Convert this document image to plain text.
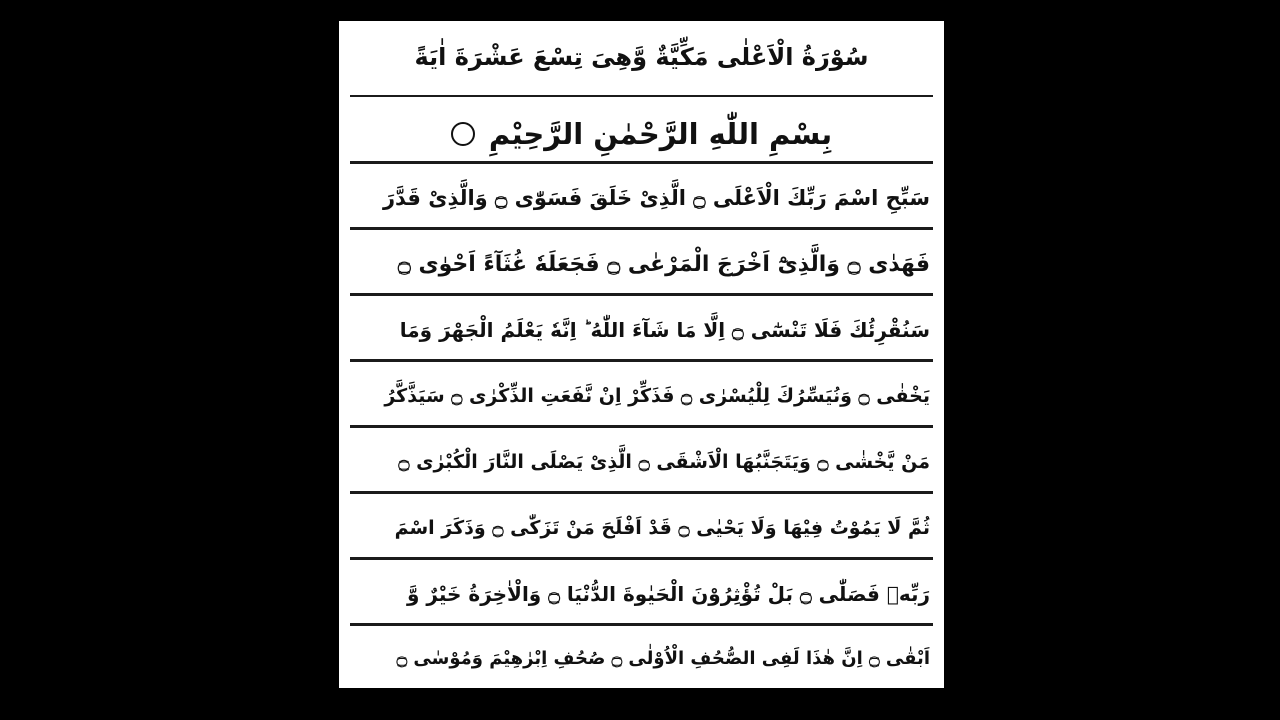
سُوْرَةُ الْاَعْلٰی مَکِّیَّةٌ وَّهِیَ تِسْعَ عَشْرَةَ اٰیَةً
بِسْمِ اللّٰهِ الرَّحْمٰنِ الرَّحِیْمِ
سَبِّحِ اسْمَ رَبِّكَ الْاَعْلَى ۝ الَّذِیْ خَلَقَ فَسَوّٰى ۝ وَالَّذِیْ قَدَّرَ
فَهَدٰى ۝ وَالَّذِیْٓ اَخْرَجَ الْمَرْعٰى ۝ فَجَعَلَهٗ غُثَآءً اَحْوٰى ۝
سَنُقْرِئُكَ فَلَا تَنْسٰٓى ۝ اِلَّا مَا شَآءَ اللّٰهُ ؕ اِنَّهٗ یَعْلَمُ الْجَهْرَ وَمَا
یَخْفٰى ۝ وَنُیَسِّرُكَ لِلْیُسْرٰى ۝ فَذَكِّرْ اِنْ نَّفَعَتِ الذِّكْرٰى ۝ سَیَذَّكَّرُ
مَنْ یَّخْشٰى ۝ وَیَتَجَنَّبُهَا الْاَشْقَى ۝ الَّذِیْ یَصْلَى النَّارَ الْكُبْرٰى ۝
ثُمَّ لَا یَمُوْتُ فِیْهَا وَلَا یَحْیٰى ۝ قَدْ اَفْلَحَ مَنْ تَزَكّٰى ۝ وَذَكَرَ اسْمَ
رَبِّهٖ فَصَلّٰى ۝ بَلْ تُؤْثِرُوْنَ الْحَیٰوةَ الدُّنْیَا ۝ وَالْاٰخِرَةُ خَیْرٌ وَّ
اَبْقٰى ۝ اِنَّ هٰذَا لَفِی الصُّحُفِ الْاُوْلٰى ۝ صُحُفِ اِبْرٰهِیْمَ وَمُوْسٰى ۝
